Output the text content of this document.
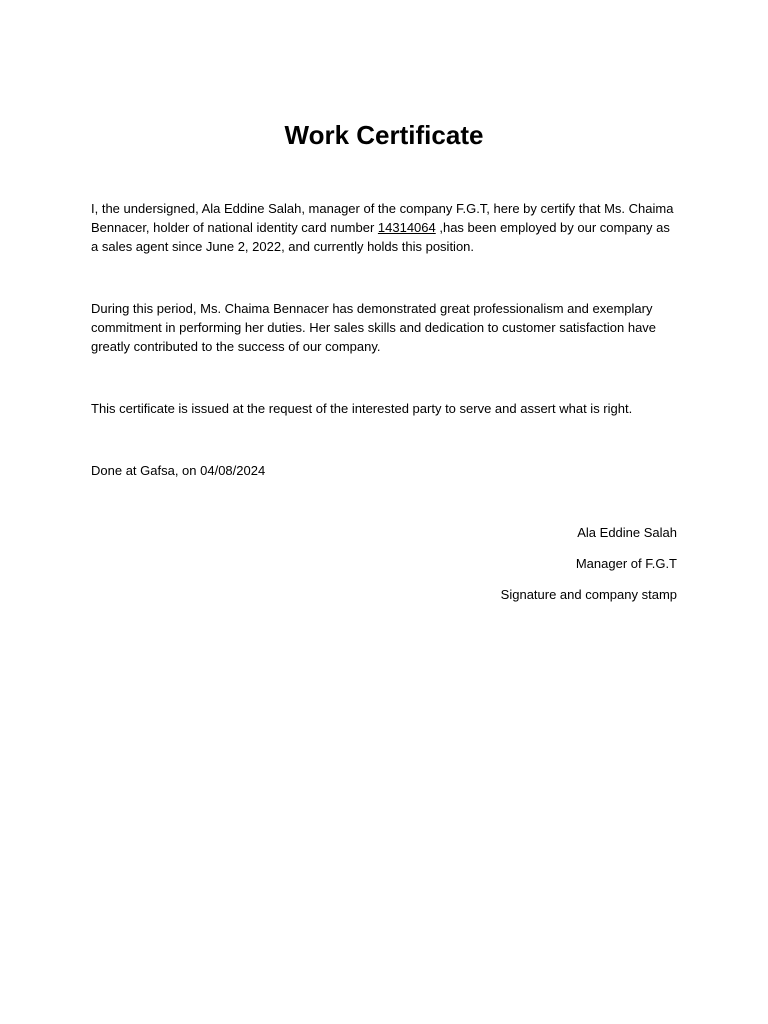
Work Certificate

I, the undersigned, Ala Eddine Salah, manager of the company F.G.T, here by certify that Ms. Chaima Bennacer, holder of national identity card number 14314064 ,has been employed by our company as a sales agent since June 2, 2022, and currently holds this position.

During this period, Ms. Chaima Bennacer has demonstrated great professionalism and exemplary commitment in performing her duties. Her sales skills and dedication to customer satisfaction have greatly contributed to the success of our company.

This certificate is issued at the request of the interested party to serve and assert what is right.

Done at Gafsa, on 04/08/2024

Ala Eddine Salah

Manager of F.G.T

Signature and company stamp
